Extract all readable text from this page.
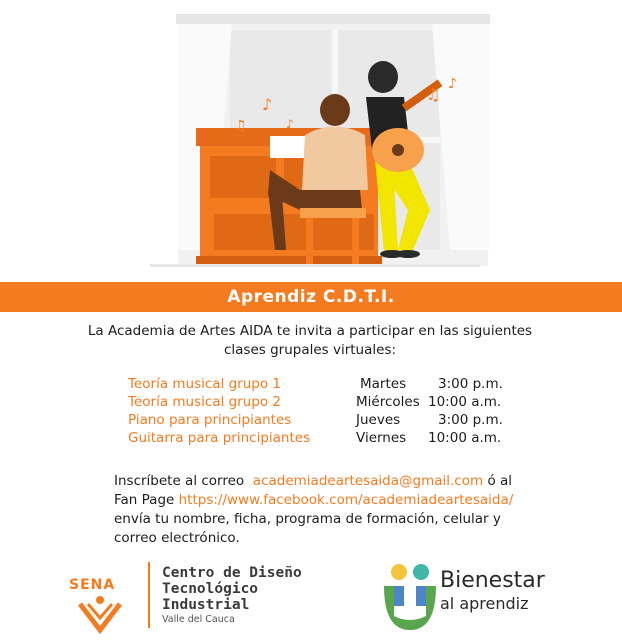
♪
♫	♪
♫
♪
Aprendiz C.D.T.I.
La Academia de Artes AIDA te invita a participar en las siguientes
clases grupales virtuales:
Teoría musical grupo 1	Martes 3:00 p.m.
Teoría musical grupo 2	Miércoles 10:00 a.m.
Piano para principiantes	Jueves	3:00 p.m.
Guitarra para principiantes	Viernes 10:00 a.m.
Inscríbete al correo academiadeartesaida@gmail.com ó al
Fan Page https://www.facebook.com/academiadeartesaida/
envía tu nombre, ficha, programa de formación, celular y
correo electrónico.
SENA
Centro de Diseño
Tecnológico
Industrial
Valle del Cauca
Bienestar
al aprendiz
